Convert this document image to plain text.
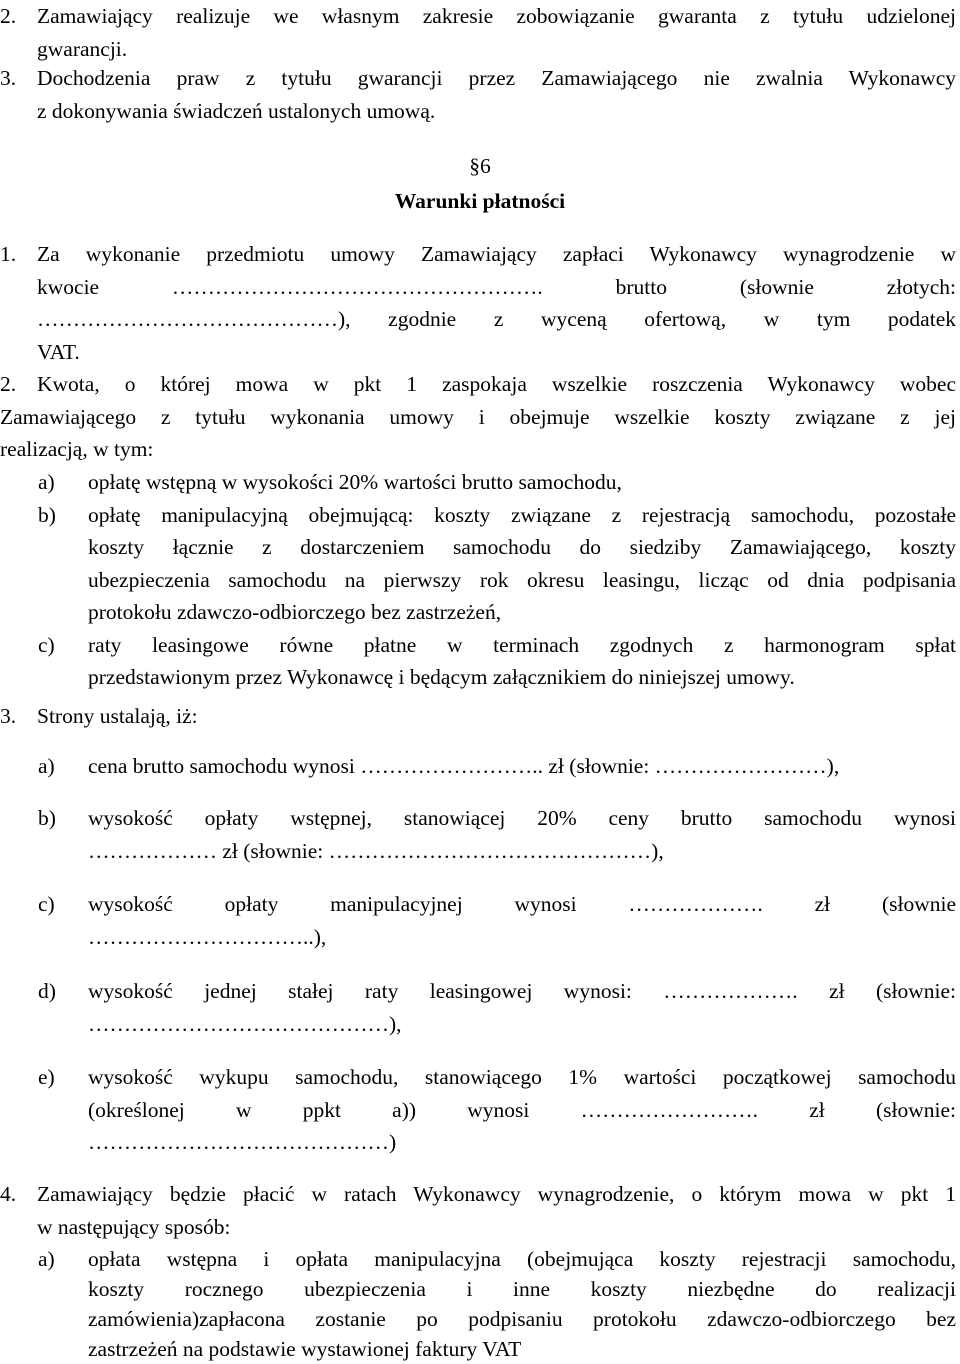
2. Zamawiający realizuje we własnym zakresie zobowiązanie gwaranta z tytułu udzielonej
gwarancji.
3. Dochodzenia praw z tytułu gwarancji przez Zamawiającego nie zwalnia Wykonawcy
z dokonywania świadczeń ustalonych umową.
§6
Warunki płatności
1. Za wykonanie przedmiotu umowy Zamawiający zapłaci Wykonawcy wynagrodzenie w
kwocie ……………………………………………. brutto (słownie złotych:
……………………………………), zgodnie z wyceną ofertową, w tym podatek
VAT.
2. Kwota, o której mowa w pkt 1 zaspokaja wszelkie roszczenia Wykonawcy wobec
Zamawiającego z tytułu wykonania umowy i obejmuje wszelkie koszty związane z jej
realizacją, w tym:
a) opłatę wstępną w wysokości 20% wartości brutto samochodu,
b) opłatę manipulacyjną obejmującą: koszty związane z rejestracją samochodu, pozostałe
koszty łącznie z dostarczeniem samochodu do siedziby Zamawiającego, koszty
ubezpieczenia samochodu na pierwszy rok okresu leasingu, licząc od dnia podpisania
protokołu zdawczo-odbiorczego bez zastrzeżeń,
c) raty leasingowe równe płatne w terminach zgodnych z harmonogram spłat
przedstawionym przez Wykonawcę i będącym załącznikiem do niniejszej umowy.
3. Strony ustalają, iż:
a) cena brutto samochodu wynosi …………………….. zł (słownie: ……………………),
b) wysokość opłaty wstępnej, stanowiącej 20% ceny brutto samochodu wynosi
……………… zł (słownie: ………………………………………),
c) wysokość opłaty manipulacyjnej wynosi ………………. zł (słownie
…………………………..),
d) wysokość jednej stałej raty leasingowej wynosi: ………………. zł (słownie:
……………………………………),
e) wysokość wykupu samochodu, stanowiącego 1% wartości początkowej samochodu
(określonej w ppkt a)) wynosi ……………………. zł (słownie:
……………………………………)
4. Zamawiający będzie płacić w ratach Wykonawcy wynagrodzenie, o którym mowa w pkt 1
w następujący sposób:
a) opłata wstępna i opłata manipulacyjna (obejmująca koszty rejestracji samochodu,
koszty rocznego ubezpieczenia i inne koszty niezbędne do realizacji
zamówienia)zapłacona zostanie po podpisaniu protokołu zdawczo-odbiorczego bez
zastrzeżeń na podstawie wystawionej faktury VAT
